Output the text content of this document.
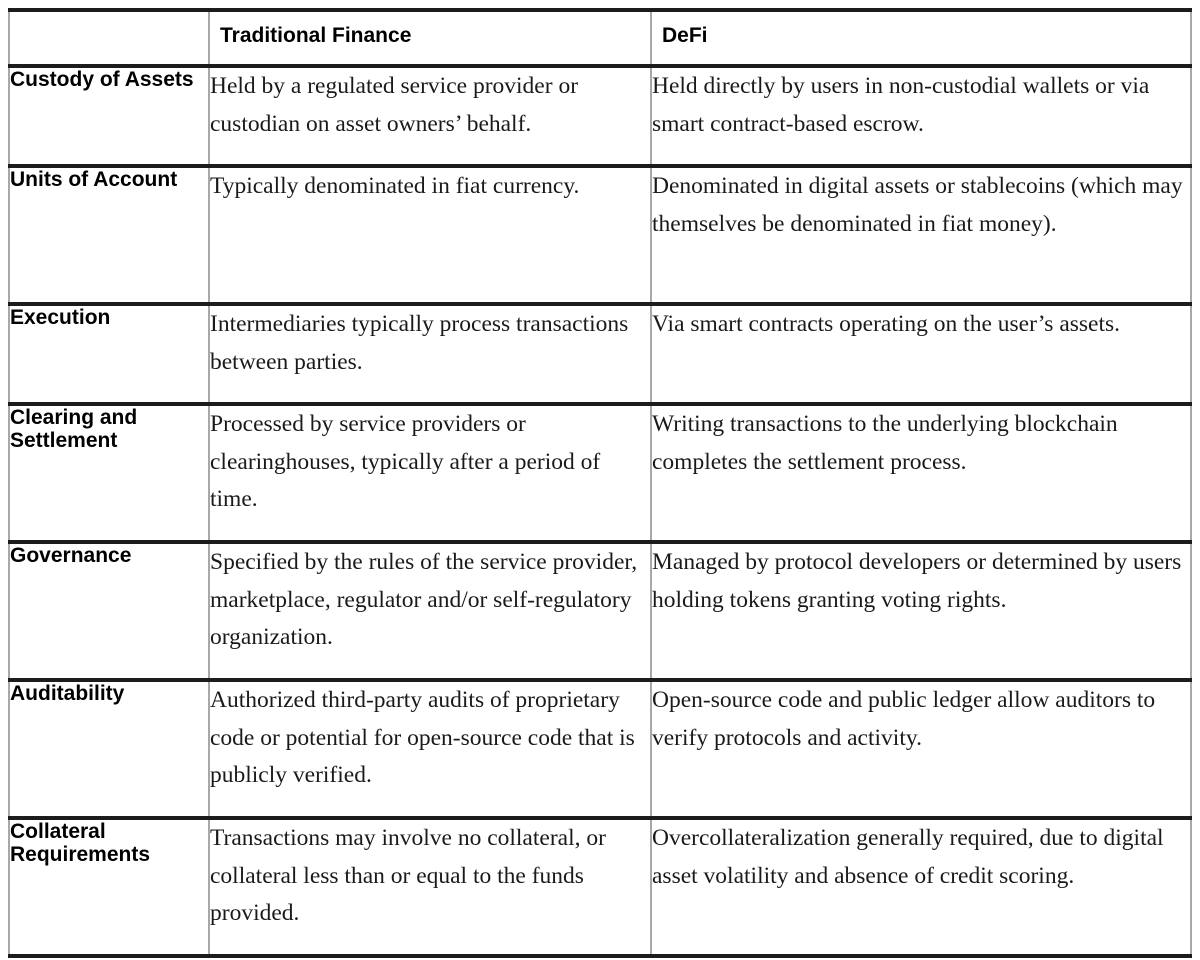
	Traditional Finance	DeFi
Custody of Assets	Held by a regulated service provider or custodian on asset owners’ behalf.	Held directly by users in non-custodial wallets or via smart contract-based escrow.
Units of Account	Typically denominated in fiat currency.	Denominated in digital assets or stablecoins (which may themselves be denominated in fiat money).
Execution	Intermediaries typically process transactions between parties.	Via smart contracts operating on the user’s assets.
Clearing and Settlement	Processed by service providers or clearinghouses, typically after a period of time.	Writing transactions to the underlying blockchain completes the settlement process.
Governance	Specified by the rules of the service provider, marketplace, regulator and/or self-regulatory organization.	Managed by protocol developers or determined by users holding tokens granting voting rights.
Auditability	Authorized third-party audits of proprietary code or potential for open-source code that is publicly verified.	Open-source code and public ledger allow auditors to verify protocols and activity.
Collateral Requirements	Transactions may involve no collateral, or collateral less than or equal to the funds provided.	Overcollateralization generally required, due to digital asset volatility and absence of credit scoring.
